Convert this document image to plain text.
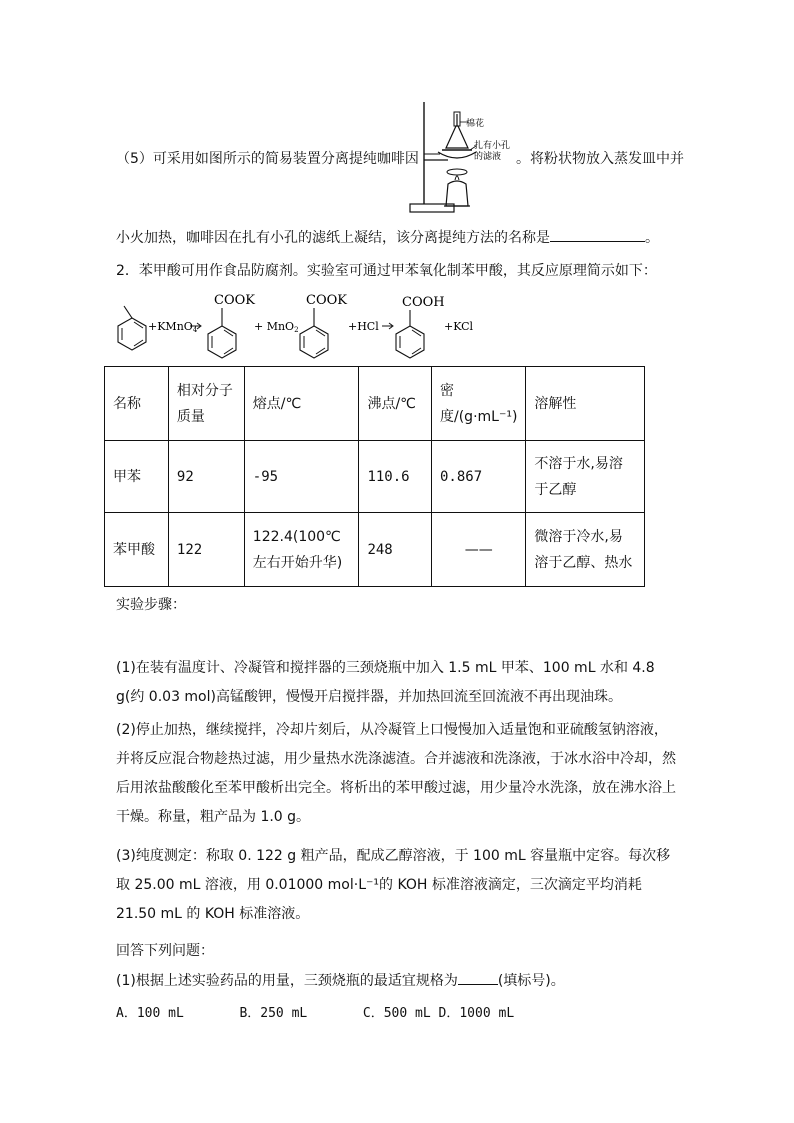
（5）可采用如图所示的简易装置分离提纯咖啡因
棉花
扎有小孔
的滤液 。将粉状物放入蒸发皿中并
小火加热，咖啡因在扎有小孔的滤纸上凝结，该分离提纯方法的名称是	。
2．苯甲酸可用作食品防腐剂。实验室可通过甲苯氧化制苯甲酸，其反应原理简示如下：
+KMnO4
COOK
+ MnO2
COOK
+HCl
COOH
+KCl
名称	相对分子质量	熔点/℃	沸点/℃	密度/(g·mL⁻¹)	溶解性
甲苯	92	-95	110.6	0.867	不溶于水,易溶于乙醇
苯甲酸	122	122.4(100℃左右开始升华)	248	——	微溶于冷水,易溶于乙醇、热水
实验步骤：
(1)在装有温度计、冷凝管和搅拌器的三颈烧瓶中加入 1.5 mL 甲苯、100 mL 水和 4.8 g(约 0.03 mol)高锰酸钾，慢慢开启搅拌器，并加热回流至回流液不再出现油珠。
(2)停止加热，继续搅拌，冷却片刻后，从冷凝管上口慢慢加入适量饱和亚硫酸氢钠溶液，并将反应混合物趁热过滤，用少量热水洗涤滤渣。合并滤液和洗涤液，于冰水浴中冷却，然后用浓盐酸酸化至苯甲酸析出完全。将析出的苯甲酸过滤，用少量冷水洗涤，放在沸水浴上干燥。称量，粗产品为 1.0 g。
(3)纯度测定：称取 0. 122 g 粗产品，配成乙醇溶液，于 100 mL 容量瓶中定容。每次移取 25.00 mL 溶液，用 0.01000 mol·L⁻¹的 KOH 标准溶液滴定，三次滴定平均消耗 21.50 mL 的 KOH 标准溶液。
回答下列问题：
(1)根据上述实验药品的用量，三颈烧瓶的最适宜规格为	(填标号)。
A．100 mL	B．250 mL	C．500 mL D．1000 mL
